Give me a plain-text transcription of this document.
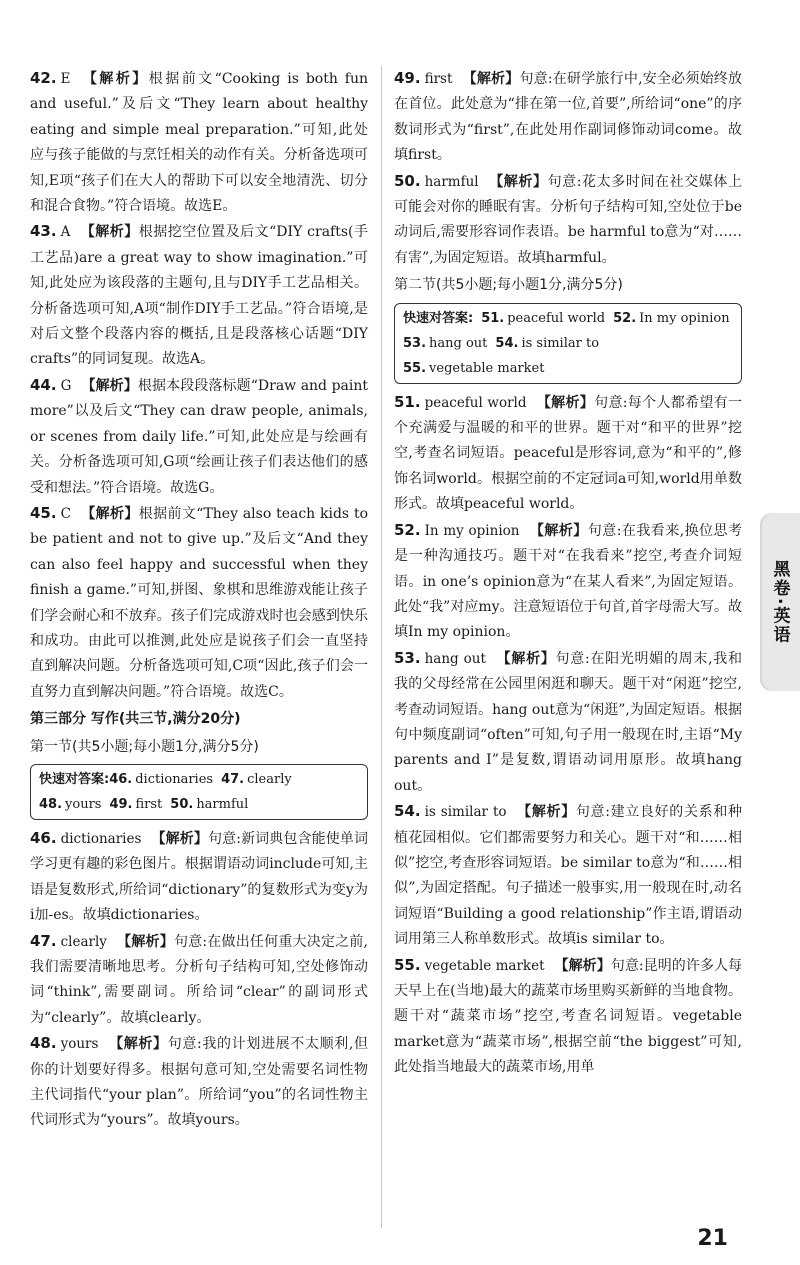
42. E 【解析】根据前文“Cooking is both fun and useful.”及后文“They learn about healthy eating and simple meal preparation.”可知,此处应与孩子能做的与烹饪相关的动作有关。分析备选项可知,E项“孩子们在大人的帮助下可以安全地清洗、切分和混合食物。”符合语境。故选E。

43. A 【解析】根据挖空位置及后文“DIY crafts(手工艺品)are a great way to show imagination.”可知,此处应为该段落的主题句,且与DIY手工艺品相关。分析备选项可知,A项“制作DIY手工艺品。”符合语境,是对后文整个段落内容的概括,且是段落核心话题“DIY crafts”的同词复现。故选A。

44. G 【解析】根据本段段落标题“Draw and paint more”以及后文“They can draw people, animals, or scenes from daily life.”可知,此处应是与绘画有关。分析备选项可知,G项“绘画让孩子们表达他们的感受和想法。”符合语境。故选G。

45. C 【解析】根据前文“They also teach kids to be patient and not to give up.”及后文“And they can also feel happy and successful when they finish a game.”可知,拼图、象棋和思维游戏能让孩子们学会耐心和不放弃。孩子们完成游戏时也会感到快乐和成功。由此可以推测,此处应是说孩子们会一直坚持直到解决问题。分析备选项可知,C项“因此,孩子们会一直努力直到解决问题。”符合语境。故选C。

第三部分 写作(共三节,满分20分)

第一节(共5小题;每小题1分,满分5分)

快速对答案:46. dictionaries 47. clearly
48. yours 49. first 50. harmful

46. dictionaries 【解析】句意:新词典包含能使单词学习更有趣的彩色图片。根据谓语动词include可知,主语是复数形式,所给词“dictionary”的复数形式为变y为i加-es。故填dictionaries。

47. clearly 【解析】句意:在做出任何重大决定之前,我们需要清晰地思考。分析句子结构可知,空处修饰动词“think”,需要副词。所给词“clear”的副词形式为“clearly”。故填clearly。

48. yours 【解析】句意:我的计划进展不太顺利,但你的计划要好得多。根据句意可知,空处需要名词性物主代词指代“your plan”。所给词“you”的名词性物主代词形式为“yours”。故填yours。

49. first 【解析】句意:在研学旅行中,安全必须始终放在首位。此处意为“排在第一位,首要”,所给词“one”的序数词形式为“first”,在此处用作副词修饰动词come。故填first。

50. harmful 【解析】句意:花太多时间在社交媒体上可能会对你的睡眠有害。分析句子结构可知,空处位于be动词后,需要形容词作表语。be harmful to意为“对……有害”,为固定短语。故填harmful。

第二节(共5小题;每小题1分,满分5分)

快速对答案: 51. peaceful world 52. In my opinion
53. hang out 54. is similar to
55. vegetable market

51. peaceful world 【解析】句意:每个人都希望有一个充满爱与温暖的和平的世界。题干对“和平的世界”挖空,考查名词短语。peaceful是形容词,意为“和平的”,修饰名词world。根据空前的不定冠词a可知,world用单数形式。故填peaceful world。

52. In my opinion 【解析】句意:在我看来,换位思考是一种沟通技巧。题干对“在我看来”挖空,考查介词短语。in one’s opinion意为“在某人看来”,为固定短语。此处“我”对应my。注意短语位于句首,首字母需大写。故填In my opinion。

53. hang out 【解析】句意:在阳光明媚的周末,我和我的父母经常在公园里闲逛和聊天。题干对“闲逛”挖空,考查动词短语。hang out意为“闲逛”,为固定短语。根据句中频度副词“often”可知,句子用一般现在时,主语“My parents and I”是复数,谓语动词用原形。故填hang out。

54. is similar to 【解析】句意:建立良好的关系和种植花园相似。它们都需要努力和关心。题干对“和……相似”挖空,考查形容词短语。be similar to意为“和……相似”,为固定搭配。句子描述一般事实,用一般现在时,动名词短语“Building a good relationship”作主语,谓语动词用第三人称单数形式。故填is similar to。

55. vegetable market 【解析】句意:昆明的许多人每天早上在(当地)最大的蔬菜市场里购买新鲜的当地食物。题干对“蔬菜市场”挖空,考查名词短语。vegetable market意为“蔬菜市场”,根据空前“the biggest”可知,此处指当地最大的蔬菜市场,用单

黑卷·英语
21
